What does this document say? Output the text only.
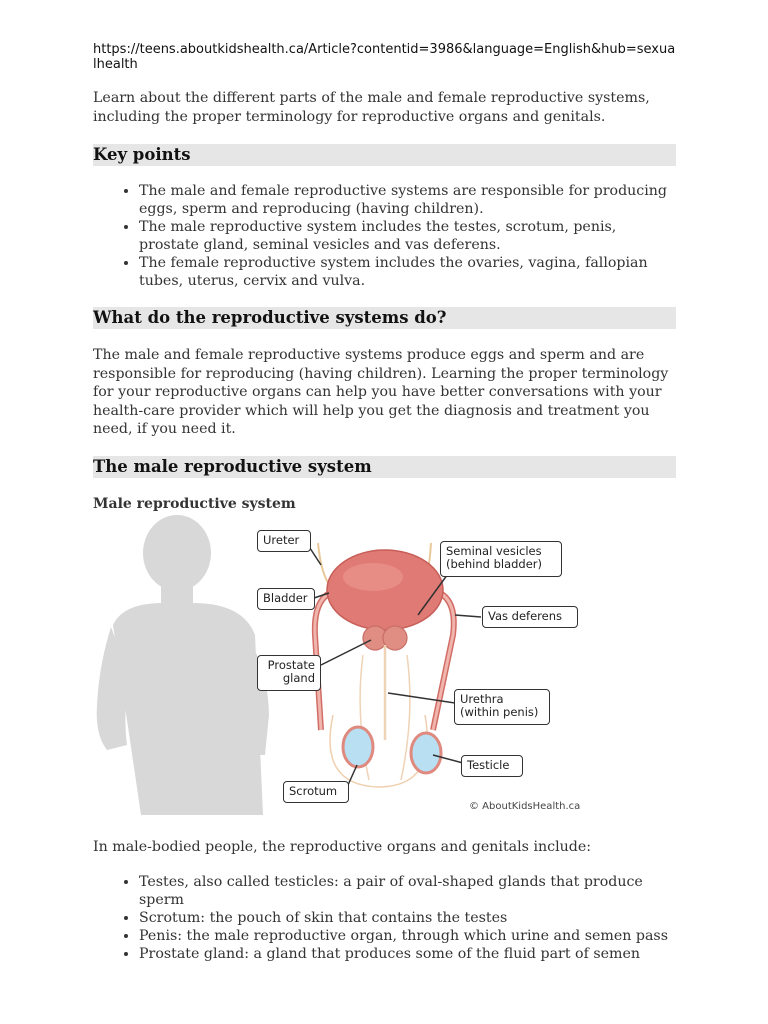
https://teens.aboutkidshealth.ca/Article?contentid=3986&language=English&hub=sexualhealth

Learn about the different parts of the male and female reproductive systems, including the proper terminology for reproductive organs and genitals.

Key points
• The male and female reproductive systems are responsible for producing eggs, sperm and reproducing (having children).
• The male reproductive system includes the testes, scrotum, penis, prostate gland, seminal vesicles and vas deferens.
• The female reproductive system includes the ovaries, vagina, fallopian tubes, uterus, cervix and vulva.
What do the reproductive systems do?

The male and female reproductive systems produce eggs and sperm and are responsible for reproducing (having children). Learning the proper terminology for your reproductive organs can help you have better conversations with your health-care provider which will help you get the diagnosis and treatment you need, if you need it.

The male reproductive system
Male reproductive system
Ureter
Bladder
Prostate
gland
Scrotum
Seminal vesicles
(behind bladder)
Vas deferens
Urethra
(within penis)
Testicle
© AboutKidsHealth.ca

In male-bodied people, the reproductive organs and genitals include:

• Testes, also called testicles: a pair of oval-shaped glands that produce sperm
• Scrotum: the pouch of skin that contains the testes
• Penis: the male reproductive organ, through which urine and semen pass
• Prostate gland: a gland that produces some of the fluid part of semen
